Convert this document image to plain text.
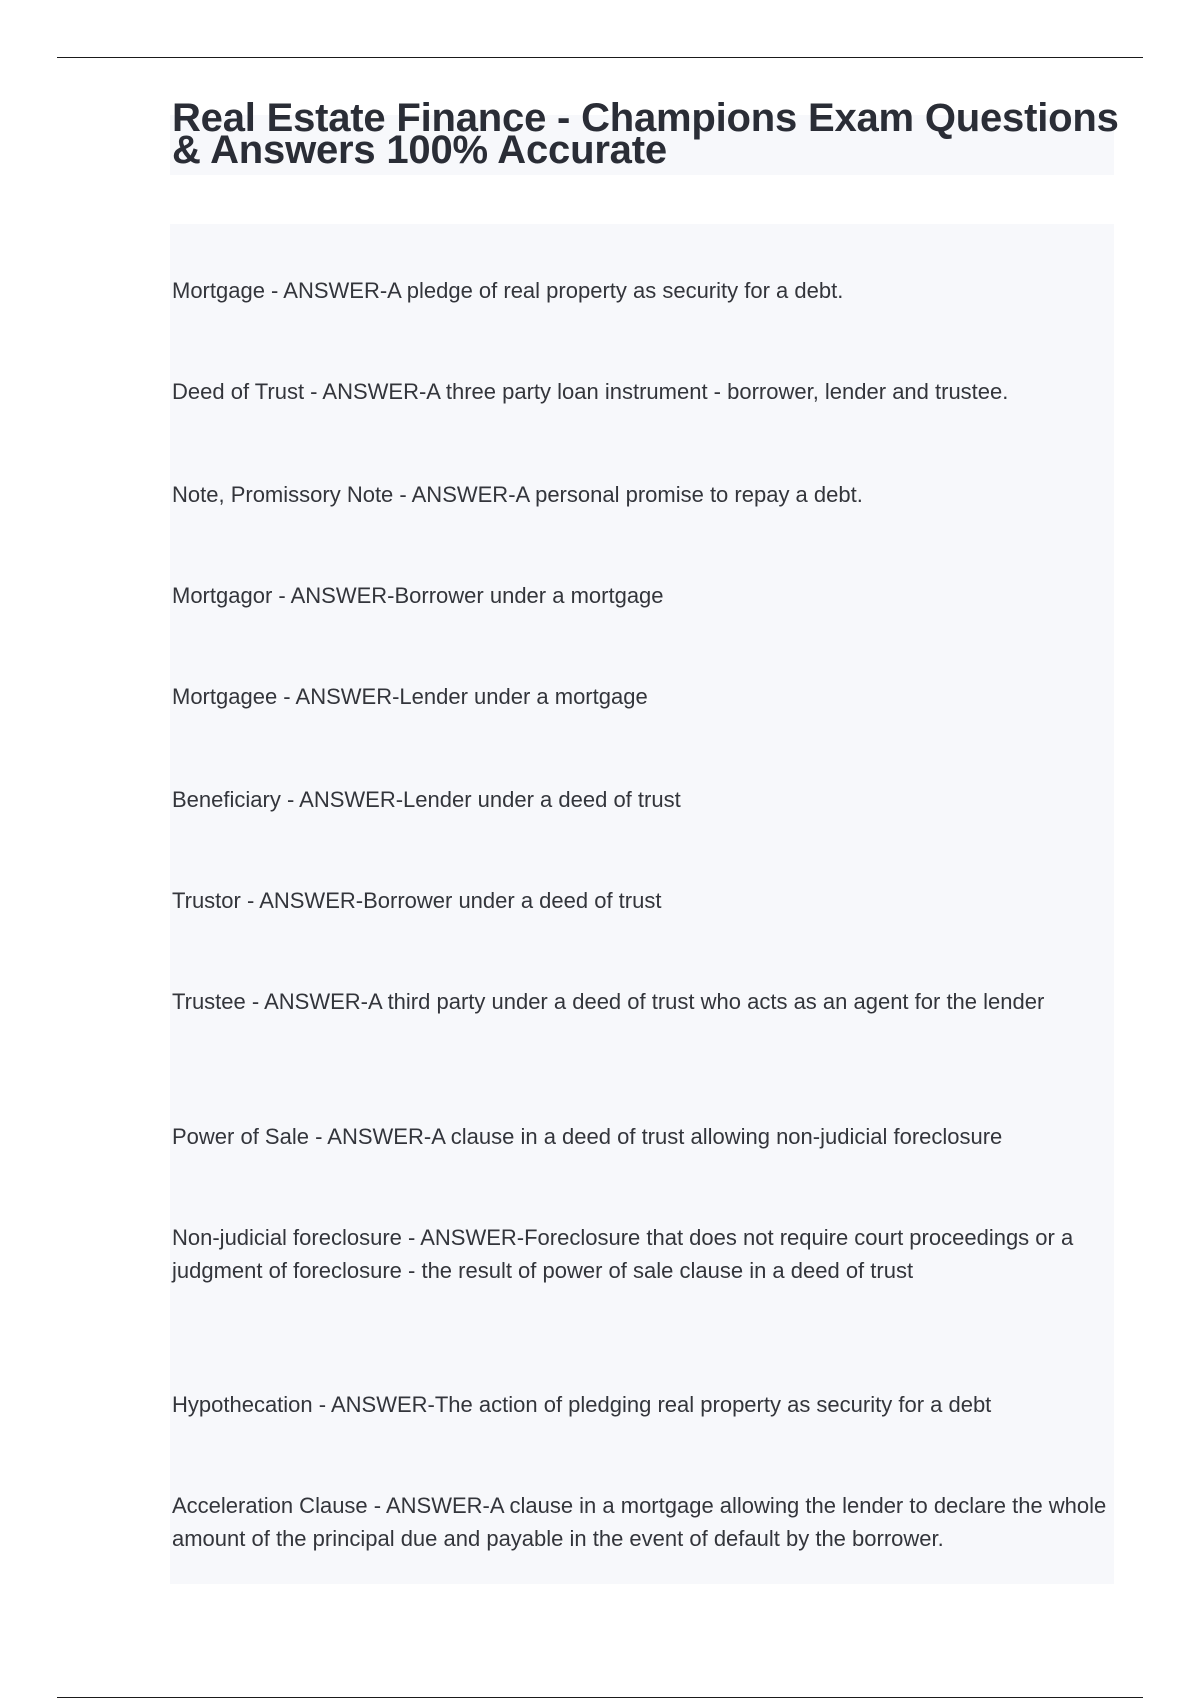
Real Estate Finance - Champions Exam Questions & Answers 100% Accurate
Mortgage - ANSWER-A pledge of real property as security for a debt.
Deed of Trust - ANSWER-A three party loan instrument - borrower, lender and trustee.
Note, Promissory Note - ANSWER-A personal promise to repay a debt.
Mortgagor - ANSWER-Borrower under a mortgage
Mortgagee - ANSWER-Lender under a mortgage
Beneficiary - ANSWER-Lender under a deed of trust
Trustor - ANSWER-Borrower under a deed of trust
Trustee - ANSWER-A third party under a deed of trust who acts as an agent for the lender
Power of Sale - ANSWER-A clause in a deed of trust allowing non-judicial foreclosure
Non-judicial foreclosure - ANSWER-Foreclosure that does not require court proceedings or a judgment of foreclosure - the result of power of sale clause in a deed of trust
Hypothecation - ANSWER-The action of pledging real property as security for a debt
Acceleration Clause - ANSWER-A clause in a mortgage allowing the lender to declare the whole amount of the principal due and payable in the event of default by the borrower.
